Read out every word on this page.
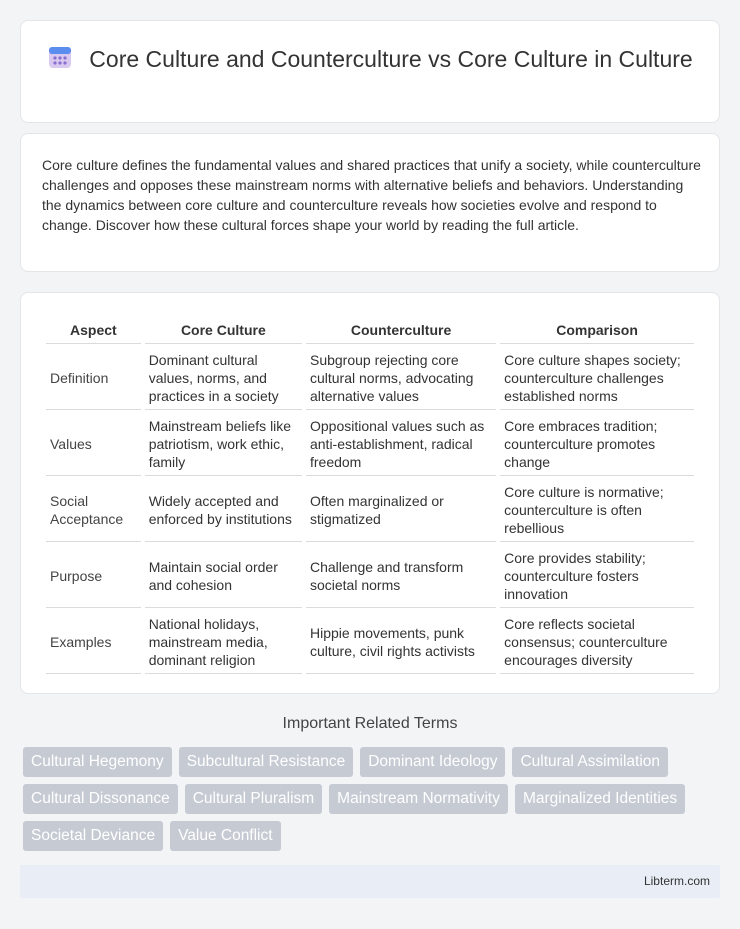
Core Culture and Counterculture vs Core Culture in Culture

Core culture defines the fundamental values and shared practices that unify a society, while counterculture challenges and opposes these mainstream norms with alternative beliefs and behaviors. Understanding the dynamics between core culture and counterculture reveals how societies evolve and respond to change. Discover how these cultural forces shape your world by reading the full article.

Aspect	Core Culture	Counterculture	Comparison
Definition	Dominant cultural values, norms, and practices in a society	Subgroup rejecting core cultural norms, advocating alternative values	Core culture shapes society; counterculture challenges established norms
Values	Mainstream beliefs like patriotism, work ethic, family	Oppositional values such as anti-establishment, radical freedom	Core embraces tradition; counterculture promotes change
Social Acceptance	Widely accepted and enforced by institutions	Often marginalized or stigmatized	Core culture is normative; counterculture is often rebellious
Purpose	Maintain social order and cohesion	Challenge and transform societal norms	Core provides stability; counterculture fosters innovation
Examples	National holidays, mainstream media, dominant religion	Hippie movements, punk culture, civil rights activists	Core reflects societal consensus; counterculture encourages diversity
Important Related Terms
Cultural Hegemony	Subcultural Resistance	Dominant Ideology	Cultural Assimilation
Cultural Dissonance	Cultural Pluralism	Mainstream Normativity	Marginalized Identities
Societal Deviance	Value Conflict
Libterm.com
